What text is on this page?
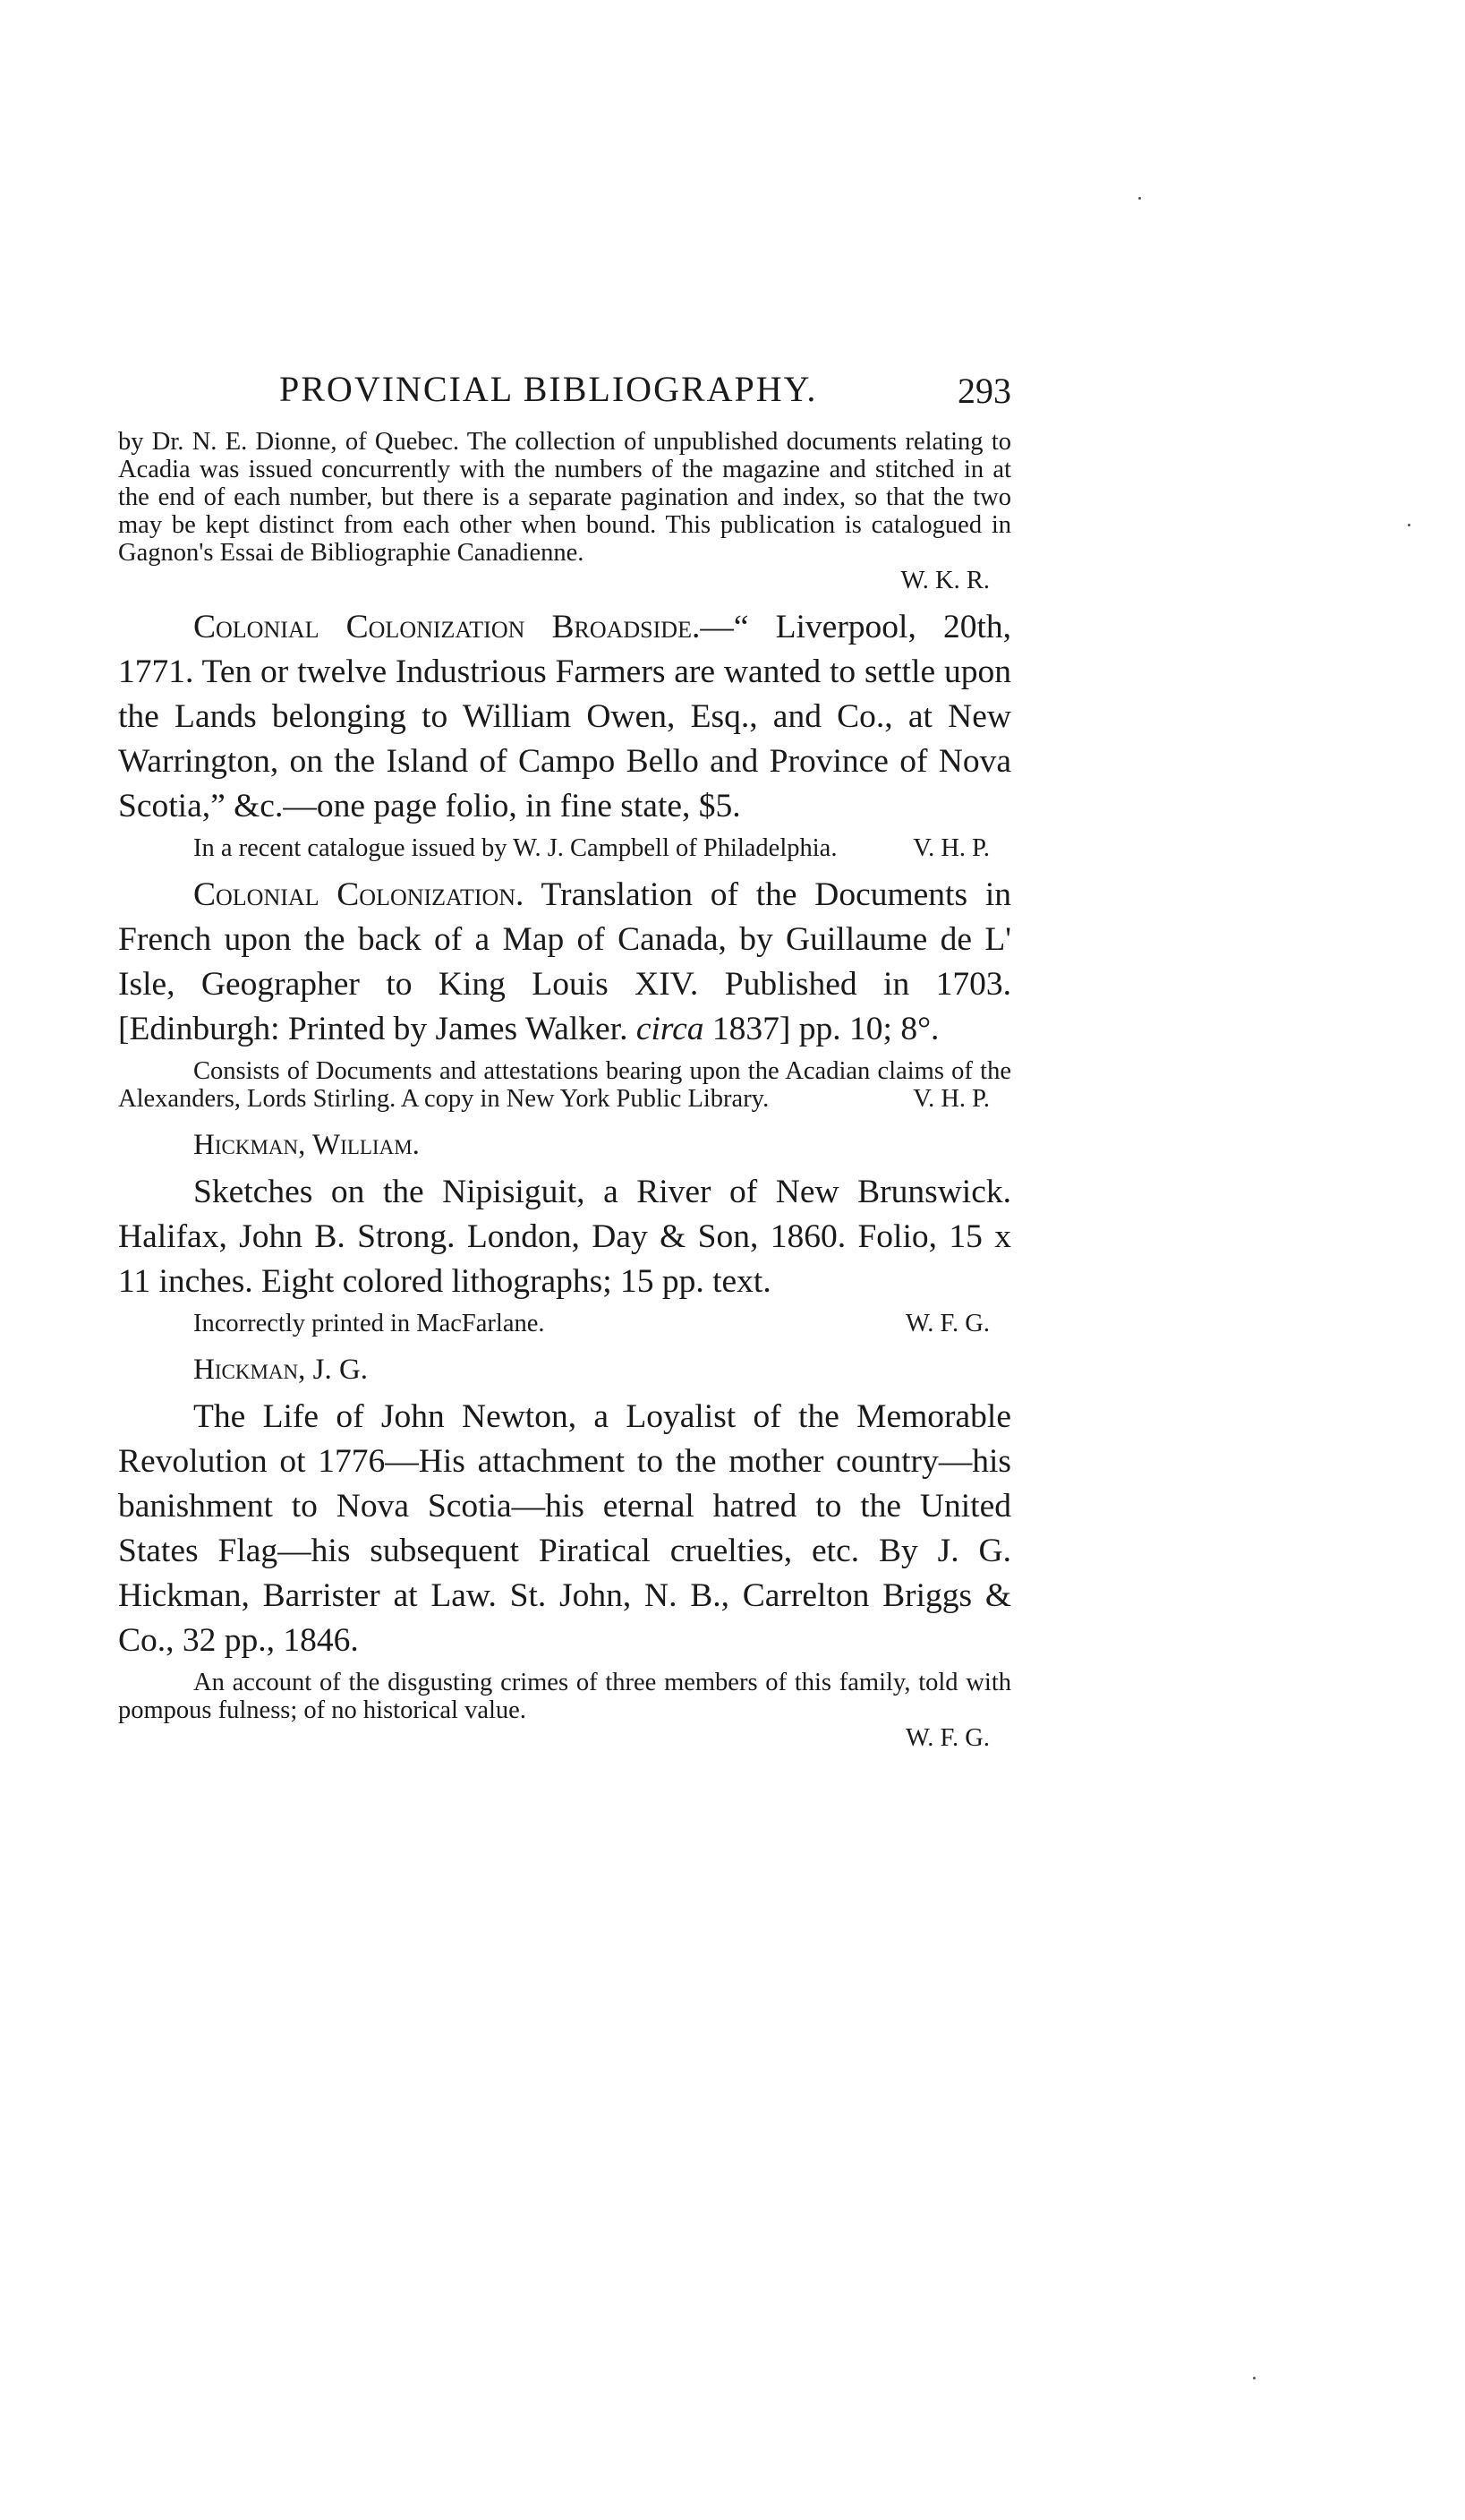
PROVINCIAL BIBLIOGRAPHY.	293

by Dr. N. E. Dionne, of Quebec. The collection of unpublished documents relating to Acadia was issued concurrently with the numbers of the magazine and stitched in at the end of each number, but there is a separate pagination and index, so that the two may be kept distinct from each other when bound. This publication is catalogued in Gagnon's Essai de Bibliographie Canadienne.

W. K. R.

Colonial Colonization Broadside.—“ Liverpool, 20th, 1771. Ten or twelve Industrious Farmers are wanted to settle upon the Lands belonging to William Owen, Esq., and Co., at New Warrington, on the Island of Campo Bello and Province of Nova Scotia,” &c.—one page folio, in fine state, $5.

In a recent catalogue issued by W. J. Campbell of Philadelphia.	V. H. P.

Colonial Colonization. Translation of the Documents in French upon the back of a Map of Canada, by Guillaume de L' Isle, Geographer to King Louis XIV. Published in 1703. [Edinburgh: Printed by James Walker. circa 1837] pp. 10; 8°.

Consists of Documents and attestations bearing upon the Acadian claims of the Alexanders, Lords Stirling. A copy in New York Public Library.	V. H. P.

Hickman, William.

Sketches on the Nipisiguit, a River of New Brunswick. Halifax, John B. Strong. London, Day & Son, 1860. Folio, 15 x 11 inches. Eight colored lithographs; 15 pp. text.

Incorrectly printed in MacFarlane.	W. F. G.

Hickman, J. G.

The Life of John Newton, a Loyalist of the Memorable Revolution ot 1776—His attachment to the mother country—his banishment to Nova Scotia—his eternal hatred to the United States Flag—his subsequent Piratical cruelties, etc. By J. G. Hickman, Barrister at Law. St. John, N. B., Carrelton Briggs & Co., 32 pp., 1846.

An account of the disgusting crimes of three members of this family, told with pompous fulness; of no historical value.

W. F. G.
